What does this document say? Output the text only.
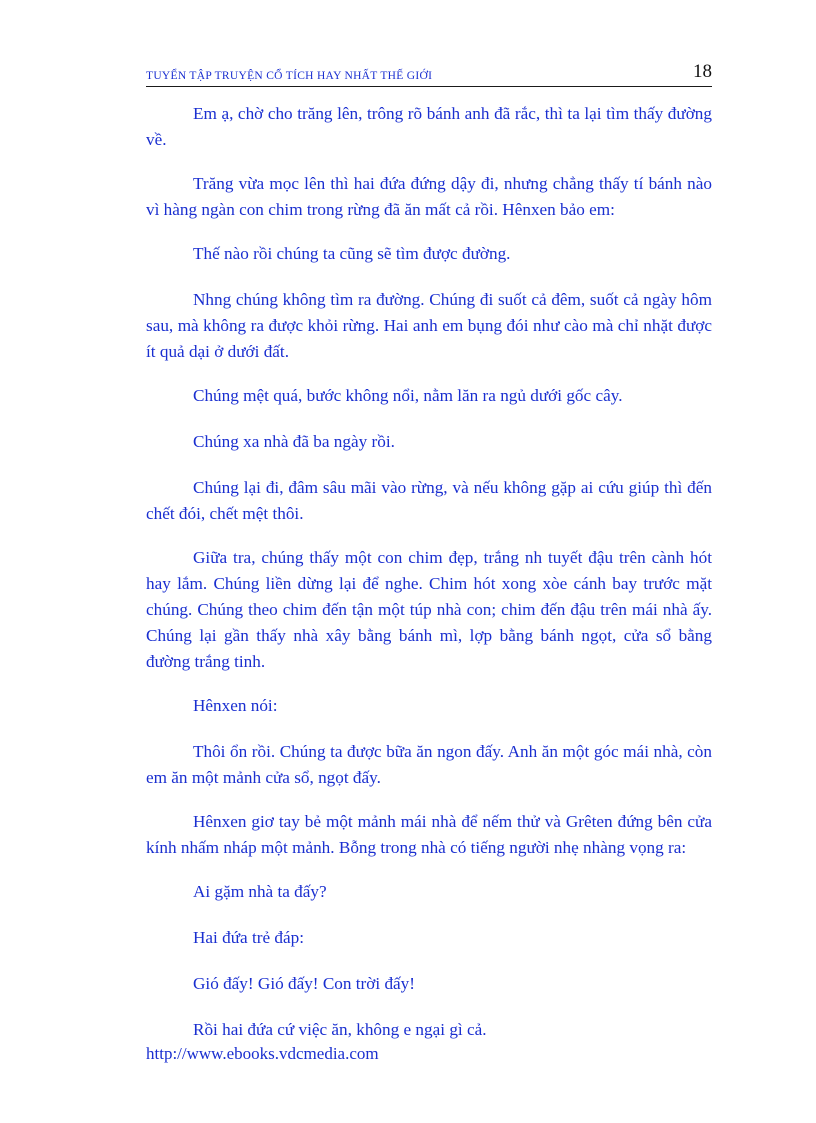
TUYỂN TẬP TRUYỆN CỔ TÍCH HAY NHẤT THẾ GIỚI	18

Em ạ, chờ cho trăng lên, trông rõ bánh anh đã rắc, thì ta lại tìm thấy đường về.

Trăng vừa mọc lên thì hai đứa đứng dậy đi, nhưng chẳng thấy tí bánh nào vì hàng ngàn con chim trong rừng đã ăn mất cả rồi. Hênxen bảo em:

Thế nào rồi chúng ta cũng sẽ tìm được đường.

Nhng chúng không tìm ra đường. Chúng đi suốt cả đêm, suốt cả ngày hôm sau, mà không ra được khỏi rừng. Hai anh em bụng đói như cào mà chỉ nhặt được ít quả dại ở dưới đất.

Chúng mệt quá, bước không nổi, nằm lăn ra ngủ dưới gốc cây.

Chúng xa nhà đã ba ngày rồi.

Chúng lại đi, đâm sâu mãi vào rừng, và nếu không gặp ai cứu giúp thì đến chết đói, chết mệt thôi.

Giữa tra, chúng thấy một con chim đẹp, trắng nh tuyết đậu trên cành hót hay lắm. Chúng liền dừng lại để nghe. Chim hót xong xòe cánh bay trước mặt chúng. Chúng theo chim đến tận một túp nhà con; chim đến đậu trên mái nhà ấy. Chúng lại gần thấy nhà xây bằng bánh mì, lợp bằng bánh ngọt, cửa sổ bằng đường trắng tinh.

Hênxen nói:

Thôi ổn rồi. Chúng ta được bữa ăn ngon đấy. Anh ăn một góc mái nhà, còn em ăn một mảnh cửa sổ, ngọt đấy.

Hênxen giơ tay bẻ một mảnh mái nhà để nếm thử và Grêten đứng bên cửa kính nhấm nháp một mảnh. Bỗng trong nhà có tiếng người nhẹ nhàng vọng ra:

Ai gặm nhà ta đấy?

Hai đứa trẻ đáp:

Gió đấy! Gió đấy! Con trời đấy!

Rồi hai đứa cứ việc ăn, không e ngại gì cả.

http://www.ebooks.vdcmedia.com
